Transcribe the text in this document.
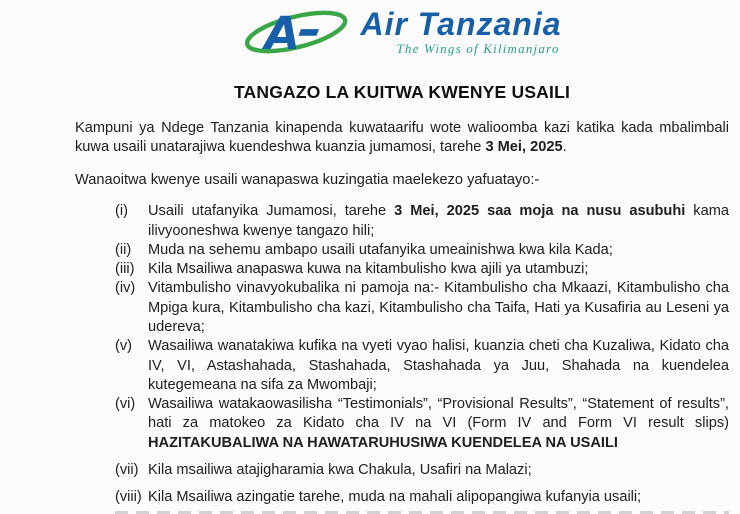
A Air Tanzania
The Wings of Kilimanjaro
TANGAZO LA KUITWA KWENYE USAILI

Kampuni ya Ndege Tanzania kinapenda kuwataarifu wote walioomba kazi katika kada mbalimbali kuwa usaili unatarajiwa kuendeshwa kuanzia jumamosi, tarehe 3 Mei, 2025.

Wanaoitwa kwenye usaili wanapaswa kuzingatia maelekezo yafuatayo:-

(i)	Usaili utafanyika Jumamosi, tarehe 3 Mei, 2025 saa moja na nusu asubuhi kama ilivyooneshwa kwenye tangazo hili;
(ii)	Muda na sehemu ambapo usaili utafanyika umeainishwa kwa kila Kada;
(iii) Kila Msailiwa anapaswa kuwa na kitambulisho kwa ajili ya utambuzi;
(iv) Vitambulisho vinavyokubalika ni pamoja na:- Kitambulisho cha Mkaazi, Kitambulisho cha Mpiga kura, Kitambulisho cha kazi, Kitambulisho cha Taifa, Hati ya Kusafiria au Leseni ya udereva;
(v)	Wasailiwa wanatakiwa kufika na vyeti vyao halisi, kuanzia cheti cha Kuzaliwa, Kidato cha IV, VI, Astashahada, Stashahada, Stashahada ya Juu, Shahada na kuendelea kutegemeana na sifa za Mwombaji;
(vi) Wasailiwa watakaowasilisha “Testimonials”, “Provisional Results”, “Statement of results”, hati za matokeo za Kidato cha IV na VI (Form IV and Form VI result slips) HAZITAKUBALIWA NA HAWATARUHUSIWA KUENDELEA NA USAILI
(vii) Kila msailiwa atajigharamia kwa Chakula, Usafiri na Malazi;
(viii) Kila Msailiwa azingatie tarehe, muda na mahali alipopangiwa kufanyia usaili;
